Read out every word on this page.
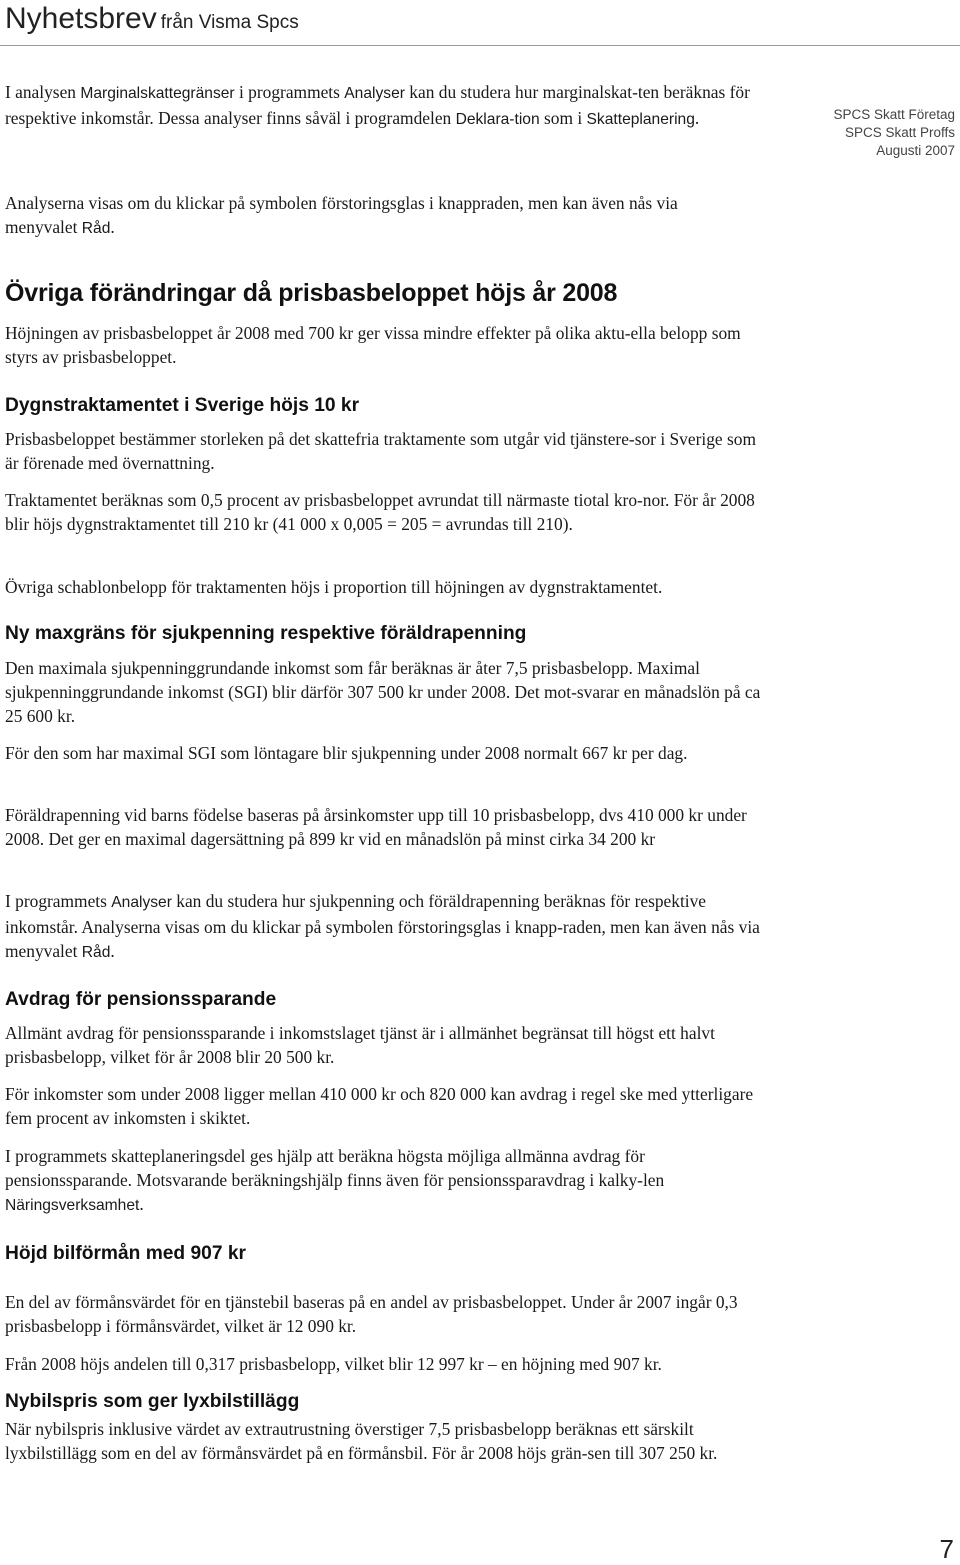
Nyhetsbrev från Visma Spcs
SPCS Skatt Företag
SPCS Skatt Proffs
Augusti 2007

I analysen Marginalskattegränser i programmets Analyser kan du studera hur marginalskat-ten beräknas för respektive inkomstår. Dessa analyser finns såväl i programdelen Deklara-tion som i Skatteplanering.

Analyserna visas om du klickar på symbolen förstoringsglas i knappraden, men kan även nås via menyvalet Råd.

Övriga förändringar då prisbasbeloppet höjs år 2008

Höjningen av prisbasbeloppet år 2008 med 700 kr ger vissa mindre effekter på olika aktu-ella belopp som styrs av prisbasbeloppet.

Dygnstraktamentet i Sverige höjs 10 kr

Prisbasbeloppet bestämmer storleken på det skattefria traktamente som utgår vid tjänstere-sor i Sverige som är förenade med övernattning.

Traktamentet beräknas som 0,5 procent av prisbasbeloppet avrundat till närmaste tiotal kro-nor. För år 2008 blir höjs dygnstraktamentet till 210 kr (41 000 x 0,005 = 205 = avrundas till 210).

Övriga schablonbelopp för traktamenten höjs i proportion till höjningen av dygnstraktamentet.

Ny maxgräns för sjukpenning respektive föräldrapenning

Den maximala sjukpenninggrundande inkomst som får beräknas är åter 7,5 prisbasbelopp. Maximal sjukpenninggrundande inkomst (SGI) blir därför 307 500 kr under 2008. Det mot-svarar en månadslön på ca 25 600 kr.

För den som har maximal SGI som löntagare blir sjukpenning under 2008 normalt 667 kr per dag.

Föräldrapenning vid barns födelse baseras på årsinkomster upp till 10 prisbasbelopp, dvs 410 000 kr under 2008. Det ger en maximal dagersättning på 899 kr vid en månadslön på minst cirka 34 200 kr

I programmets Analyser kan du studera hur sjukpenning och föräldrapenning beräknas för respektive inkomstår. Analyserna visas om du klickar på symbolen förstoringsglas i knapp-raden, men kan även nås via menyvalet Råd.

Avdrag för pensionssparande

Allmänt avdrag för pensionssparande i inkomstslaget tjänst är i allmänhet begränsat till högst ett halvt prisbasbelopp, vilket för år 2008 blir 20 500 kr.

För inkomster som under 2008 ligger mellan 410 000 kr och 820 000 kan avdrag i regel ske med ytterligare fem procent av inkomsten i skiktet.

I programmets skatteplaneringsdel ges hjälp att beräkna högsta möjliga allmänna avdrag för pensionssparande. Motsvarande beräkningshjälp finns även för pensionssparavdrag i kalky-len Näringsverksamhet.

Höjd bilförmån med 907 kr

En del av förmånsvärdet för en tjänstebil baseras på en andel av prisbasbeloppet. Under år 2007 ingår 0,3 prisbasbelopp i förmånsvärdet, vilket är 12 090 kr.

Från 2008 höjs andelen till 0,317 prisbasbelopp, vilket blir 12 997 kr – en höjning med 907 kr.

Nybilspris som ger lyxbilstillägg

När nybilspris inklusive värdet av extrautrustning överstiger 7,5 prisbasbelopp beräknas ett särskilt lyxbilstillägg som en del av förmånsvärdet på en förmånsbil. För år 2008 höjs grän-sen till 307 250 kr.

7
